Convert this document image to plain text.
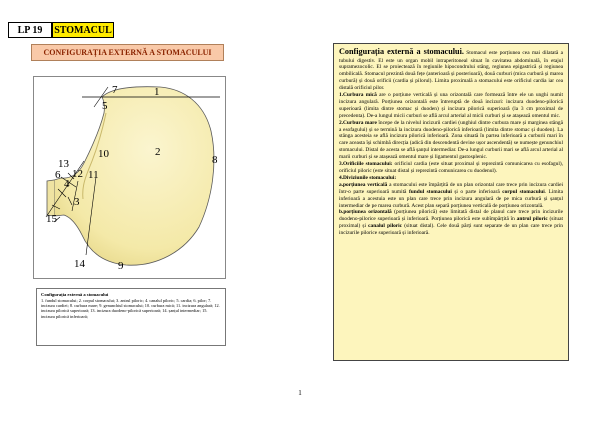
LP 19 STOMACUL
CONFIGURAȚIA EXTERNĂ A STOMACULUI
1
2
3
4
5
6
7
8
9
10
11
12
13
14
15
Configurația externă a stomacului
1. fundul stomacului; 2. corpul stomacului; 3. antrul piloric; 4. canalul piloric; 5. cardia; 6. pilor; 7. incizura cardiei; 8. curbura mare; 9. genunchiul stomacului; 10. curbura mică; 11. incizura angulară; 12. incizura pilorică superioară; 13. incizura duodeno-pilorică superioară; 14. șanțul intermediar; 15. incizura pilorică inferioară;

Configurația externă a stomacului. Stomacul este porțiunea cea mai dilatată a tubului digestiv. El este un organ mobil intraperitoneal situat în cavitatea abdominală, în etajul supramezocolic. El se proiectează în regiunile hipocondrului stâng, regiunea epigastrică și regiunea ombilicală. Stomacul prezintă două fețe (anterioară și posterioară), două curburi (mica curbură și marea curbură) și două orificii (cardia și pilorul). Limita proximală a stomacului este orificiul cardia iar cea distală orificiul pilor.

1.Curbura mică are o porțiune verticală și una orizontală care formează între ele un unghi numit incizura angulară. Porțiunea orizontală este întreruptă de două incizuri: incizura duodeno-pilorică superioară (limita dintre stomac și duoden) și incizura pilorică superioară (la 3 cm proximal de precedenta). De-a lungul micii curburi se află arcul arterial al micii curburi și se atașează omentul mic.

2.Curbura mare începe de la nivelul incizurii cardiei (unghiul dintre curbura mare și marginea stângă a esofagului) și se termină la incizura duodeno-pilorică inferioară (limita dintre stomac și duoden). La stânga acesteia se află incizura pilorică inferioară. Zona situată în partea inferioară a curburii mari în care aceasta își schimbă direcția (adică din descendentă devine ușor ascendentă) se numește genunchiul stomacului. Distal de acesta se află șanțul intermediar. De-a lungul curburii mari se află arcul arterial al marii curburi și se atașează omentul mare și ligamentul gastosplenic.

3.Orificiile stomacului: orificiul cardia (este situat proximal și reprezintă comunicarea cu esofagul), orificiul piloric (este situat distal și reprezintă comunicarea cu duodenul).

4.Diviziunile stomacului:

a.porțiunea verticală a stomacului este împărțită de un plan orizontal care trece prin incizura cardiei într-o parte superioară numită fundul stomacului și o parte inferioară corpul stomacului. Limita inferioară a acestuia este un plan care trece prin incizura angulară de pe mica curbură și șanțul intermediar de pe marea curbură. Acest plan separă porțiunea verticală de porțiunea orizontală.

b.porțiunea orizontală (porțiunea pilorică) este limitată distal de planul care trece prin incizurile duodeno-pilorice superioară și inferioară. Porțiunea pilorică este subîmpărțită în antrul piloric (situat proximal) și canalul piloric (situat distal). Cele două părți sunt separate de un plan care trece prin incizurile pilorice superioară și inferioară.

1
